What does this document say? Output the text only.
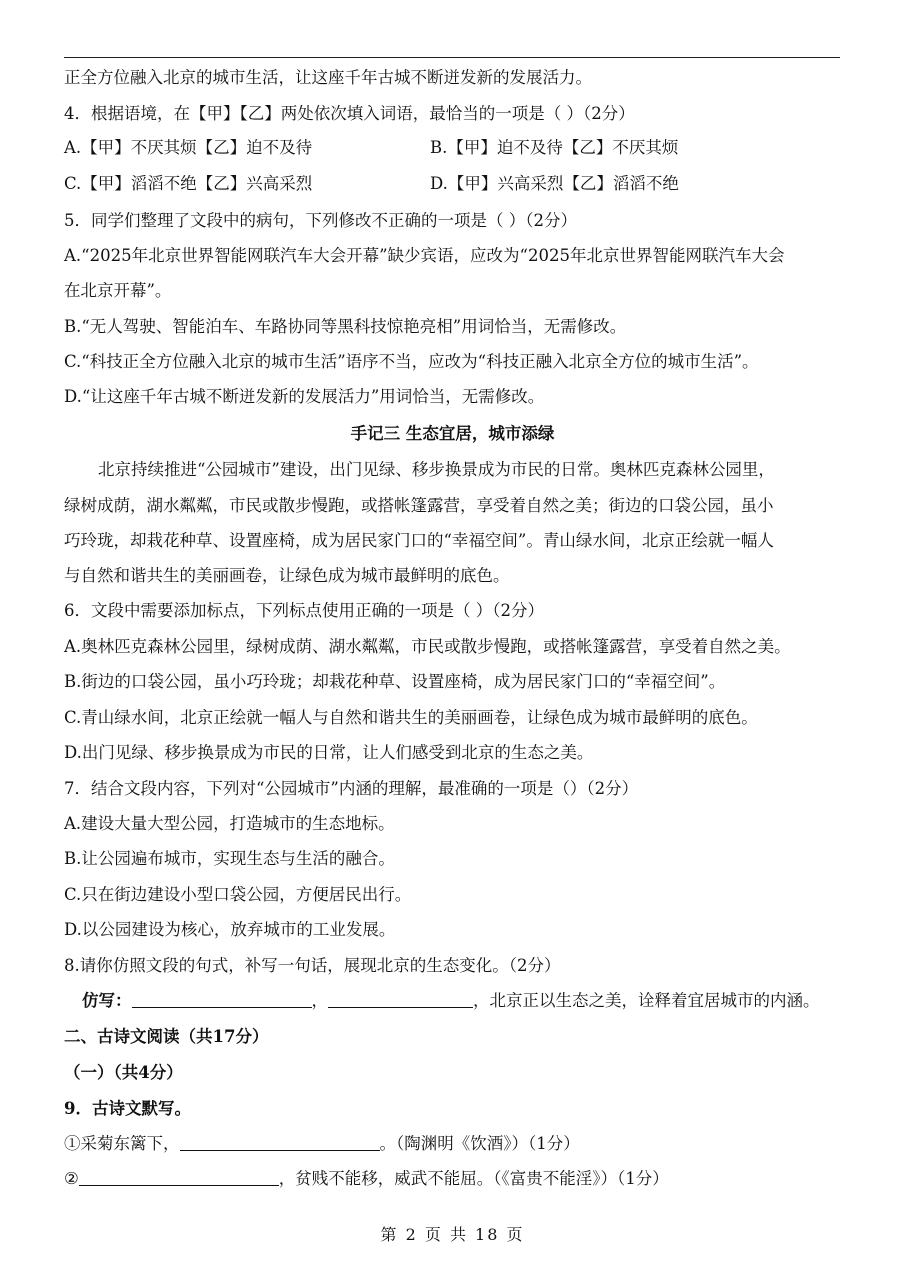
正全方位融入北京的城市生活，让这座千年古城不断迸发新的发展活力。
4．根据语境，在【甲】【乙】两处依次填入词语，最恰当的一项是（ ）（2分）
A.【甲】不厌其烦【乙】迫不及待	B.【甲】迫不及待【乙】不厌其烦
C.【甲】滔滔不绝【乙】兴高采烈	D.【甲】兴高采烈【乙】滔滔不绝
5．同学们整理了文段中的病句，下列修改不正确的一项是（ ）（2分）
A.“2025年北京世界智能网联汽车大会开幕”缺少宾语，应改为“2025年北京世界智能网联汽车大会
在北京开幕”。
B.“无人驾驶、智能泊车、车路协同等黑科技惊艳亮相”用词恰当，无需修改。
C.“科技正全方位融入北京的城市生活”语序不当，应改为“科技正融入北京全方位的城市生活”。
D.“让这座千年古城不断迸发新的发展活力”用词恰当，无需修改。
手记三 生态宜居，城市添绿
北京持续推进“公园城市”建设，出门见绿、移步换景成为市民的日常。奥林匹克森林公园里，
绿树成荫，湖水粼粼，市民或散步慢跑，或搭帐篷露营，享受着自然之美；街边的口袋公园，虽小
巧玲珑，却栽花种草、设置座椅，成为居民家门口的“幸福空间”。青山绿水间，北京正绘就一幅人
与自然和谐共生的美丽画卷，让绿色成为城市最鲜明的底色。
6．文段中需要添加标点，下列标点使用正确的一项是（ ）（2分）
A.奥林匹克森林公园里，绿树成荫、湖水粼粼，市民或散步慢跑，或搭帐篷露营，享受着自然之美。
B.街边的口袋公园，虽小巧玲珑；却栽花种草、设置座椅，成为居民家门口的“幸福空间”。
C.青山绿水间，北京正绘就一幅人与自然和谐共生的美丽画卷，让绿色成为城市最鲜明的底色。
D.出门见绿、移步换景成为市民的日常，让人们感受到北京的生态之美。
7．结合文段内容，下列对“公园城市”内涵的理解，最准确的一项是（）（2分）
A.建设大量大型公园，打造城市的生态地标。
B.让公园遍布城市，实现生态与生活的融合。
C.只在街边建设小型口袋公园，方便居民出行。
D.以公园建设为核心，放弃城市的工业发展。
8.请你仿照文段的句式，补写一句话，展现北京的生态变化。（2分）
仿写：	，	，北京正以生态之美，诠释着宜居城市的内涵。
二、古诗文阅读（共17分）
（一）（共4分）
9．古诗文默写。
①采菊东篱下，	。（陶渊明《饮酒》）（1分）
②	，贫贱不能移，威武不能屈。（《富贵不能淫》）（1分）
第 2 页 共 18 页
